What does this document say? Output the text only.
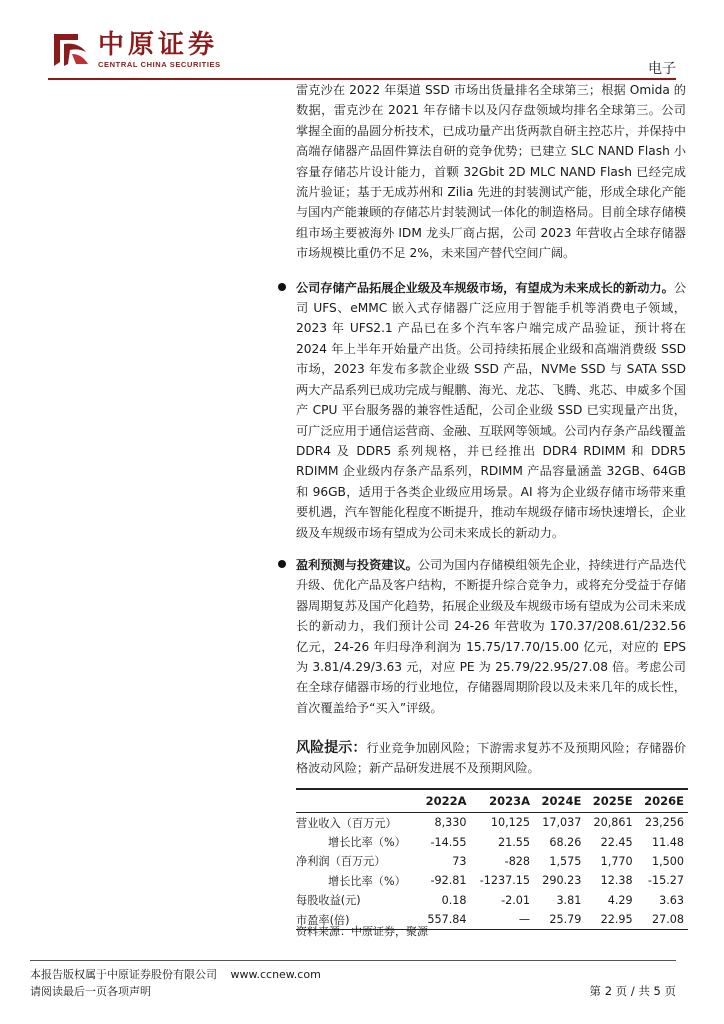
中原证券
CENTRAL CHINA SECURITIES	电子

雷克沙在 2022 年渠道 SSD 市场出货量排名全球第三；根据 Omida 的数据，雷克沙在 2021 年存储卡以及闪存盘领域均排名全球第三。公司掌握全面的晶圆分析技术，已成功量产出货两款自研主控芯片，并保持中高端存储器产品固件算法自研的竞争优势；已建立 SLC NAND Flash 小容量存储芯片设计能力，首颗 32Gbit 2D MLC NAND Flash 已经完成流片验证；基于无成苏州和 Zilia 先进的封装测试产能，形成全球化产能与国内产能兼顾的存储芯片封装测试一体化的制造格局。目前全球存储模组市场主要被海外 IDM 龙头厂商占据，公司 2023 年营收占全球存储器市场规模比重仍不足 2%，未来国产替代空间广阔。

公司存储产品拓展企业级及车规级市场，有望成为未来成长的新动力。公司 UFS、eMMC 嵌入式存储器广泛应用于智能手机等消费电子领域，2023 年 UFS2.1 产品已在多个汽车客户端完成产品验证，预计将在 2024 年上半年开始量产出货。公司持续拓展企业级和高端消费级 SSD 市场，2023 年发布多款企业级 SSD 产品，NVMe SSD 与 SATA SSD 两大产品系列已成功完成与鲲鹏、海光、龙芯、飞腾、兆芯、申威多个国产 CPU 平台服务器的兼容性适配，公司企业级 SSD 已实现量产出货，可广泛应用于通信运营商、金融、互联网等领域。公司内存条产品线覆盖 DDR4 及 DDR5 系列规格，并已经推出 DDR4 RDIMM 和 DDR5 RDIMM 企业级内存条产品系列，RDIMM 产品容量涵盖 32GB、64GB 和 96GB，适用于各类企业级应用场景。AI 将为企业级存储市场带来重要机遇，汽车智能化程度不断提升，推动车规级存储市场快速增长，企业级及车规级市场有望成为公司未来成长的新动力。

盈利预测与投资建议。公司为国内存储模组领先企业，持续进行产品迭代升级、优化产品及客户结构，不断提升综合竞争力，或将充分受益于存储器周期复苏及国产化趋势，拓展企业级及车规级市场有望成为公司未来成长的新动力，我们预计公司 24-26 年营收为 170.37/208.61/232.56 亿元，24-26 年归母净利润为 15.75/17.70/15.00 亿元，对应的 EPS 为 3.81/4.29/3.63 元，对应 PE 为 25.79/22.95/27.08 倍。考虑公司在全球存储器市场的行业地位，存储器周期阶段以及未来几年的成长性，首次覆盖给予“买入”评级。

风险提示：行业竞争加剧风险；下游需求复苏不及预期风险；存储器价格波动风险；新产品研发进展不及预期风险。
	2022A	2023A	2024E	2025E	2026E
营业收入（百万元）	8,330	10,125	17,037	20,861	23,256
增长比率（%）	-14.55	21.55	68.26	22.45	11.48
净利润（百万元）	73	-828	1,575	1,770	1,500
增长比率（%）	-92.81	-1237.15	290.23	12.38	-15.27
每股收益(元)	0.18	-2.01	3.81	4.29	3.63
市盈率(倍)	557.84	—	25.79	22.95	27.08
资料来源：中原证券，聚源
本报告版权属于中原证券股份有限公司 www.ccnew.com
请阅读最后一页各项声明	第 2 页 / 共 5 页
